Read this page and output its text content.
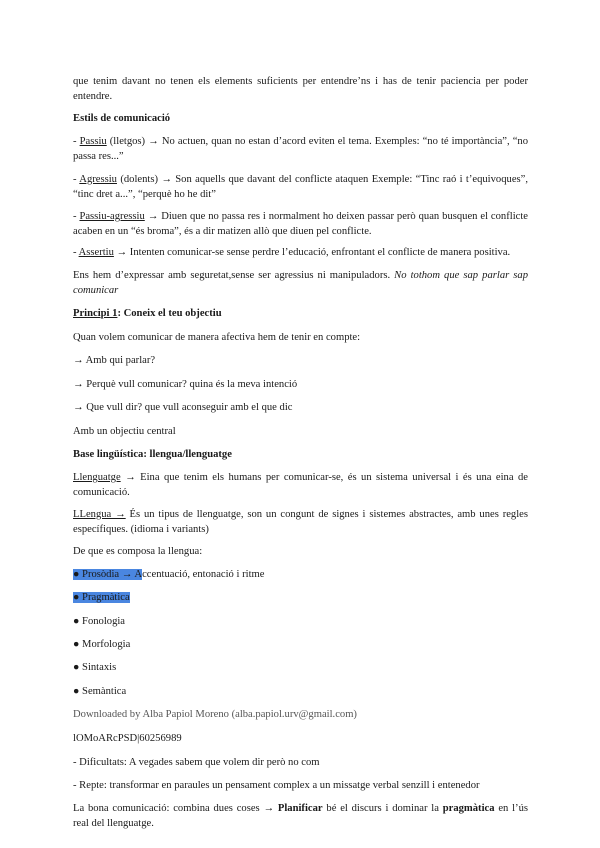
que tenim davant no tenen els elements suficients per entendre’ns i has de tenir paciencia per poder entendre.

Estils de comunicació

- Passiu (lletgos) → No actuen, quan no estan d’acord eviten el tema. Exemples: “no té importància”, “no passa res...”

- Agressiu (dolents) → Son aquells que davant del conflicte ataquen Exemple: “Tinc raó i t’equivoques”, “tinc dret a...”, “perquè ho he dit”

- Passiu-agressiu → Diuen que no passa res i normalment ho deixen passar però quan busquen el conflicte acaben en un “és broma”, és a dir matizen allò que diuen pel conflicte.

- Assertiu → Intenten comunicar-se sense perdre l’educació, enfrontant el conflicte de manera positiva.

Ens hem d’expressar amb seguretat,sense ser agressius ni manipuladors. No tothom que sap parlar sap comunicar

Principi 1: Coneix el teu objectiu

Quan volem comunicar de manera afectiva hem de tenir en compte:

→ Amb qui parlar?

→ Perquè vull comunicar? quina és la meva intenció

→ Que vull dir? que vull aconseguir amb el que dic

Amb un objectiu central

Base lingüística: llengua/llenguatge

Llenguatge → Eina que tenim els humans per comunicar-se, és un sistema universal i és una eina de comunicació.

LLengua → És un tipus de llenguatge, son un congunt de signes i sistemes abstractes, amb unes regles específiques. (idioma i variants)

De que es composa la llengua:

● Prosòdia → Accentuació, entonació i ritme

● Pragmàtica

● Fonologia

● Morfologia

● Sintaxis

● Semàntica

Downloaded by Alba Papiol Moreno (alba.papiol.urv@gmail.com)

lOMoARcPSD|60256989

- Dificultats: A vegades sabem que volem dir però no com

- Repte: transformar en paraules un pensament complex a un missatge verbal senzill i entenedor

La bona comunicació: combina dues coses → Planificar bé el discurs i dominar la pragmàtica en l’ús real del llenguatge.
